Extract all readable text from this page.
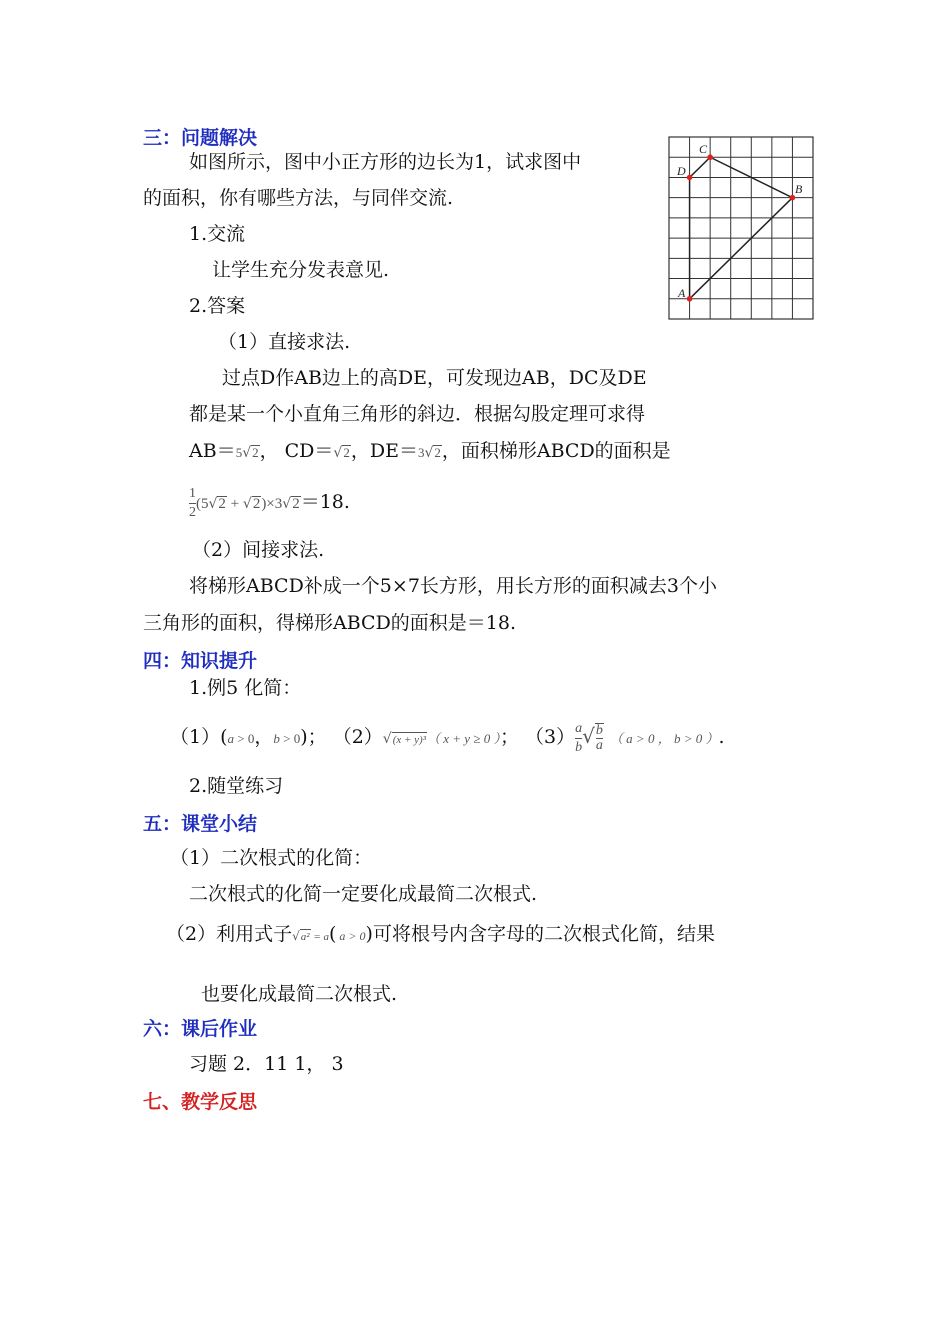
三：问题解决
如图所示，图中小正方形的边长为1，试求图中
的面积，你有哪些方法，与同伴交流.
1.交流
让学生充分发表意见.
2.答案
（1）直接求法.
过点D作AB边上的高DE，可发现边AB，DC及DE
都是某一个小直角三角形的斜边．根据勾股定理可求得
AB＝5√2， CD＝√2，DE＝3√2，面积梯形ABCD的面积是
$\frac{1}{2} (5√2 + √2)\times 3√2=18$.
（2）间接求法.
将梯形ABCD补成一个5×7长方形，用长方形的面积减去3个小
三角形的面积，得梯形ABCD的面积是＝18.
A
B
C
D
四：知识提升
1.例5 化简：
（1）(a > 0，b > 0)； （2）√(x + y)³（ x + y ≥ 0 ）； $(3) \frac{a}{b}$ √ $\frac{b}{a}$ （ a > 0 ， b > 0 ）.
2.随堂练习
五：课堂小结
（1）二次根式的化简：
二次根式的化简一定要化成最简二次根式.
（2）利用式子√a² = a( a > 0)可将根号内含字母的二次根式化简，结果
也要化成最简二次根式.
六：课后作业
习题 2．11 1， 3
七、教学反思
